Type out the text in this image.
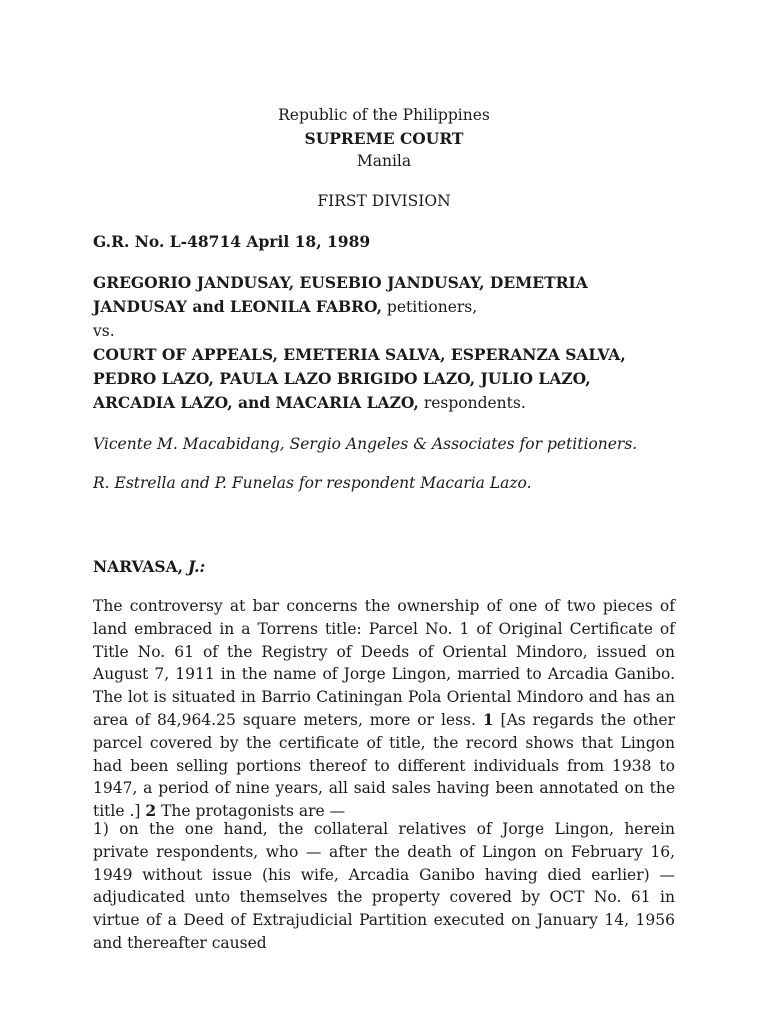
Republic of the Philippines

SUPREME COURT

Manila

FIRST DIVISION

G.R. No. L-48714 April 18, 1989

GREGORIO JANDUSAY, EUSEBIO JANDUSAY, DEMETRIA JANDUSAY and LEONILA FABRO, petitioners,

vs.

COURT OF APPEALS, EMETERIA SALVA, ESPERANZA SALVA, PEDRO LAZO, PAULA LAZO BRIGIDO LAZO, JULIO LAZO, ARCADIA LAZO, and MACARIA LAZO, respondents.

Vicente M. Macabidang, Sergio Angeles & Associates for petitioners.

R. Estrella and P. Funelas for respondent Macaria Lazo.

NARVASA, J.:

The controversy at bar concerns the ownership of one of two pieces of land embraced in a Torrens title: Parcel No. 1 of Original Certificate of Title No. 61 of the Registry of Deeds of Oriental Mindoro, issued on August 7, 1911 in the name of Jorge Lingon, married to Arcadia Ganibo. The lot is situated in Barrio Catiningan Pola Oriental Mindoro and has an area of 84,964.25 square meters, more or less. 1 [As regards the other parcel covered by the certificate of title, the record shows that Lingon had been selling portions thereof to different individuals from 1938 to 1947, a period of nine years, all said sales having been annotated on the title .] 2 The protagonists are —

1) on the one hand, the collateral relatives of Jorge Lingon, herein private respondents, who — after the death of Lingon on February 16, 1949 without issue (his wife, Arcadia Ganibo having died earlier) — adjudicated unto themselves the property covered by OCT No. 61 in virtue of a Deed of Extrajudicial Partition executed on January 14, 1956 and thereafter caused
